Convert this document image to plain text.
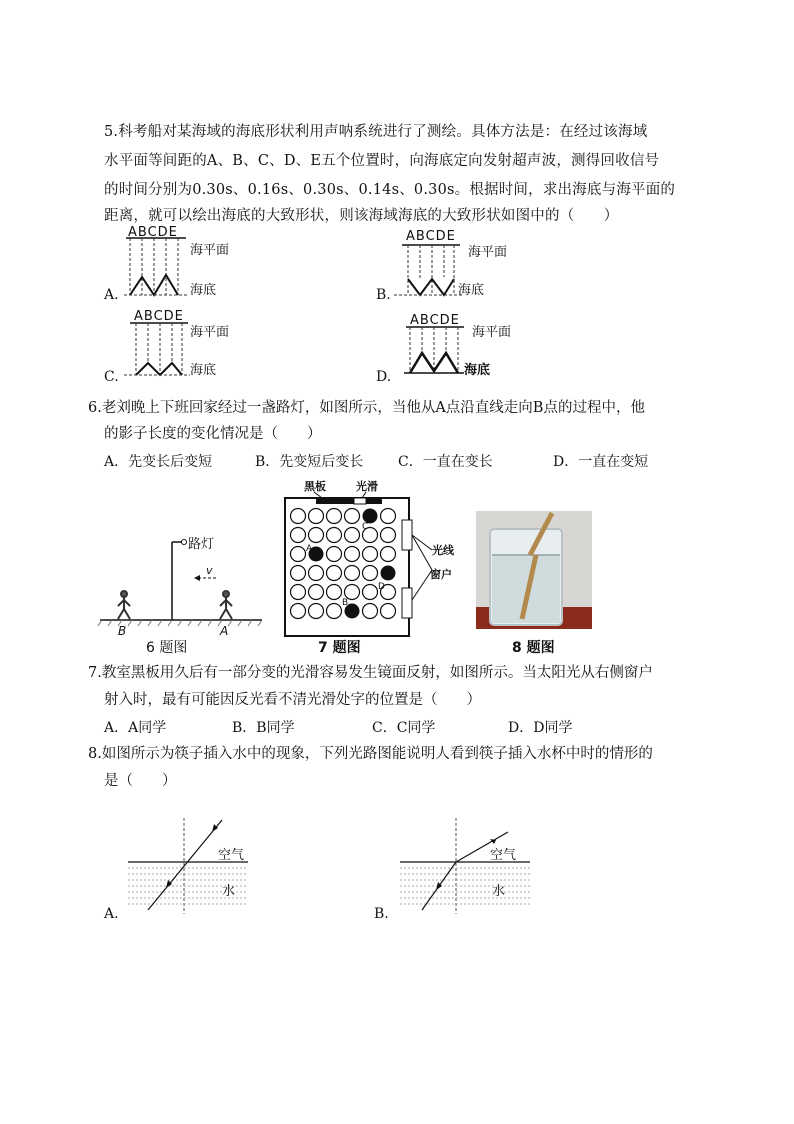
5.科考船对某海域的海底形状利用声呐系统进行了测绘。具体方法是：在经过该海域
水平面等间距的A、B、C、D、E五个位置时，向海底定向发射超声波，测得回收信号
的时间分别为0.30s、0.16s、0.30s、0.14s、0.30s。根据时间，求出海底与海平面的
距离，就可以绘出海底的大致形状，则该海域海底的大致形状如图中的（　　）
A.
ABCDE
海平面
海底	B.
ABCDE
海平面
海底
C.
ABCDE
海平面
海底	D.
ABCDE
海平面
海底
6.老刘晚上下班回家经过一盏路灯，如图所示，当他从A点沿直线走向B点的过程中，他
的影子长度的变化情况是（　　）
A．先变长后变短	B．先变短后变长 C．一直在变长	D．一直在变短
路灯
v
B	A
6 题图
黑板	光滑
光线
窗户
A
C
D
B
7 题图	8 题图
7.教室黑板用久后有一部分变的光滑容易发生镜面反射，如图所示。当太阳光从右侧窗户
射入时，最有可能因反光看不清光滑处字的位置是（　　）
A．A同学	B．B同学	C．C同学	D．D同学
8.如图所示为筷子插入水中的现象，下列光路图能说明人看到筷子插入水杯中时的情形的
是（　　）
A.
空气
水
B.
空气
水
